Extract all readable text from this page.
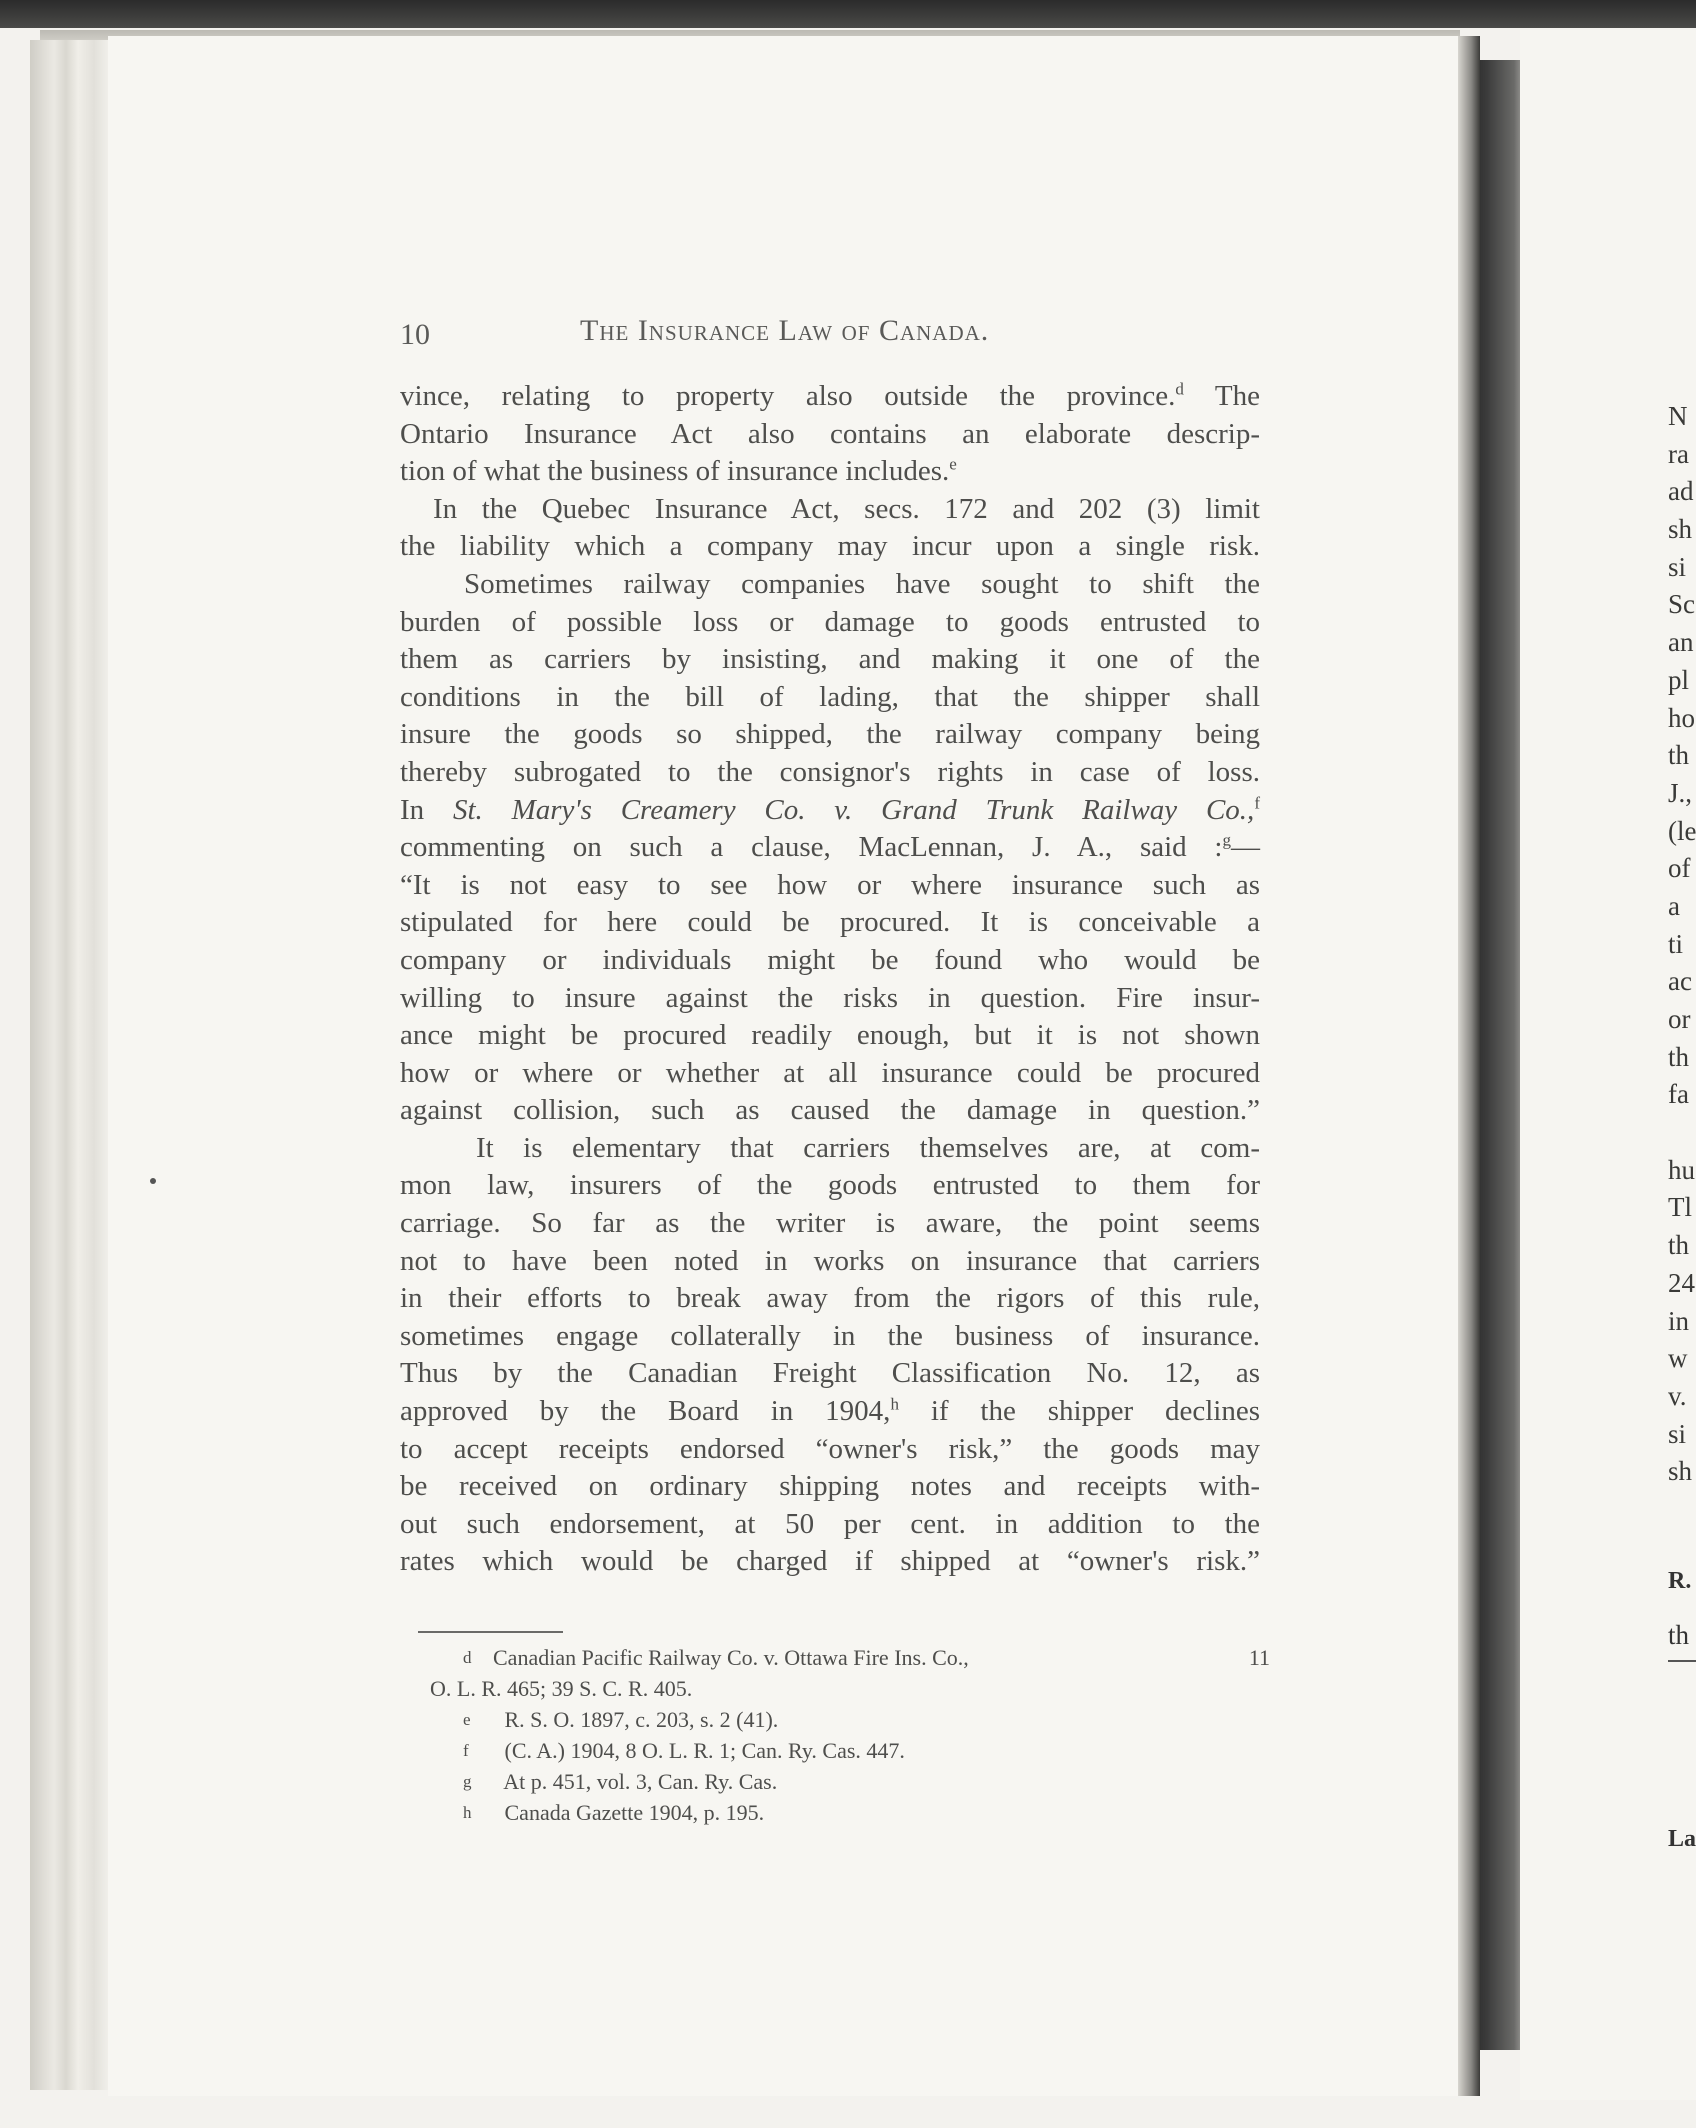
N
ra
ad
sh
si
Sc
an
pl
ho
th
J.,
(le
of
a
ti
ac
or
th
fa
hu
Tl
th
24
in
w
v.
si
sh
R.
th
La
10	The Insurance Law of Canada.
vince, relating to property also outside the province.$^d$ The
Ontario Insurance Act also contains an elaborate descrip-
tion of what the business of insurance includes.$^e$
In the Quebec Insurance Act, secs. 172 and 202 (3) limit
the liability which a company may incur upon a single risk.
Sometimes railway companies have sought to shift the
burden of possible loss or damage to goods entrusted to
them as carriers by insisting, and making it one of the
conditions in the bill of lading, that the shipper shall
insure the goods so shipped, the railway company being
thereby subrogated to the consignor's rights in case of loss.
In St. Mary's Creamery Co. v. Grand Trunk Railway Co.,$^f$
commenting on such a clause, MacLennan, J. A., said :$^g$—
“It is not easy to see how or where insurance such as
stipulated for here could be procured. It is conceivable a
company or individuals might be found who would be
willing to insure against the risks in question. Fire insur-
ance might be procured readily enough, but it is not shown
how or where or whether at all insurance could be procured
against collision, such as caused the damage in question.”
It is elementary that carriers themselves are, at com-
mon law, insurers of the goods entrusted to them for
carriage. So far as the writer is aware, the point seems
not to have been noted in works on insurance that carriers
in their efforts to break away from the rigors of this rule,
sometimes engage collaterally in the business of insurance.
Thus by the Canadian Freight Classification No. 12, as
approved by the Board in 1904,$^h$ if the shipper declines
to accept receipts endorsed “owner's risk,” the goods may
be received on ordinary shipping notes and receipts with-
out such endorsement, at 50 per cent. in addition to the
rates which would be charged if shipped at “owner's risk.”
d Canadian Pacific Railway Co. v. Ottawa Fire Ins. Co.,	11
O. L. R. 465; 39 S. C. R. 405.
e R. S. O. 1897, c. 203, s. 2 (41).
f (C. A.) 1904, 8 O. L. R. 1; Can. Ry. Cas. 447.
g At p. 451, vol. 3, Can. Ry. Cas.
h Canada Gazette 1904, p. 195.
